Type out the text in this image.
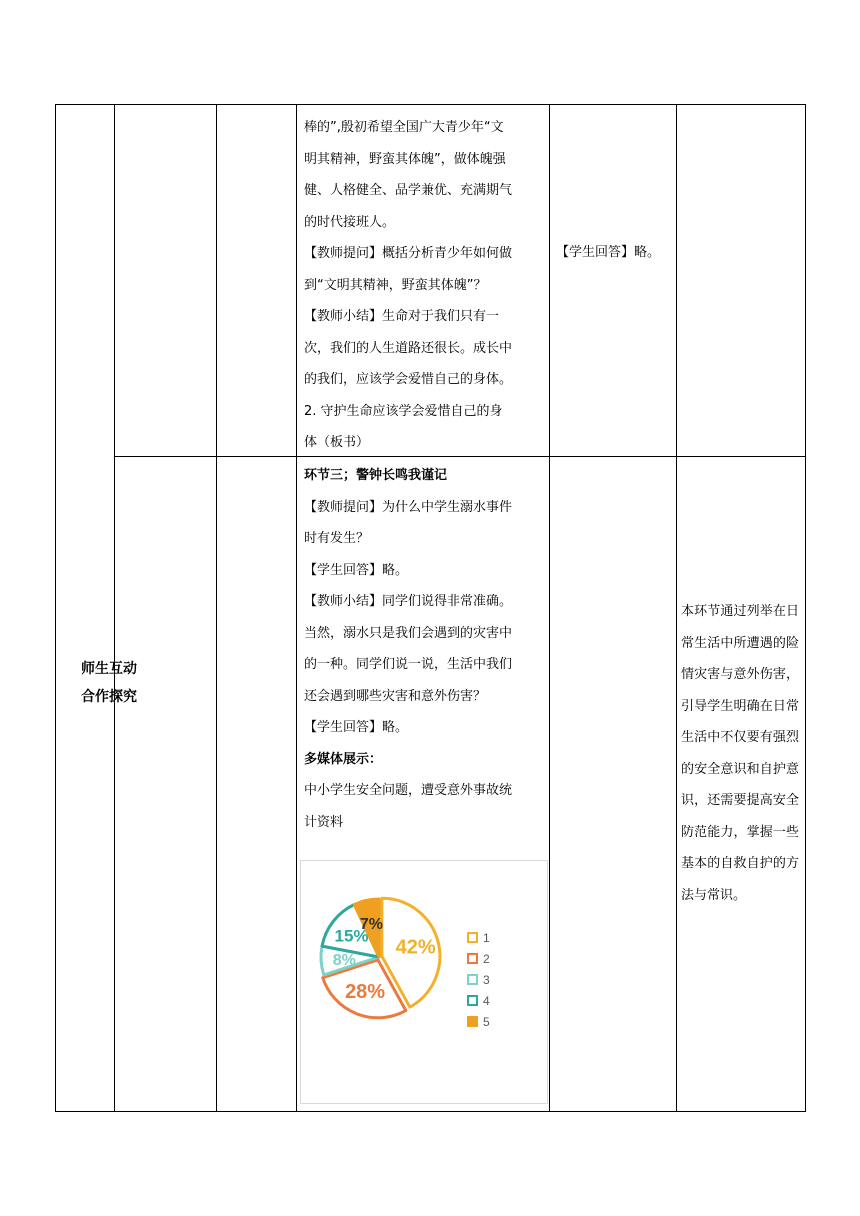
棒的”,殷初希望全国广大青少年“文

明其精神，野蛮其体魄”，做体魄强

健、人格健全、品学兼优、充满期气

的时代接班人。

【教师提问】概括分析青少年如何做

到“文明其精神，野蛮其体魄”？

【教师小结】生命对于我们只有一

次，我们的人生道路还很长。成长中

的我们，应该学会爱惜自己的身体。

2. 守护生命应该学会爱惜自己的身

体（板书）

【学生回答】略。

师生互动
合作探究

环节三；警钟长鸣我谨记

【教师提问】为什么中学生溺水事件

时有发生？

【学生回答】略。

【教师小结】同学们说得非常准确。

当然，溺水只是我们会遇到的灾害中

的一种。同学们说一说，生活中我们

还会遇到哪些灾害和意外伤害？

【学生回答】略。

多媒体展示：

中小学生安全问题，遭受意外事故统

计资料

42%
28%
8%
15%
7%
1
2
3
4
5
本环节通过列举在日常生活中所遭遇的险情灾害与意外伤害，引导学生明确在日常生活中不仅要有强烈的安全意识和自护意识，还需要提高安全防范能力，掌握一些基本的自救自护的方法与常识。
